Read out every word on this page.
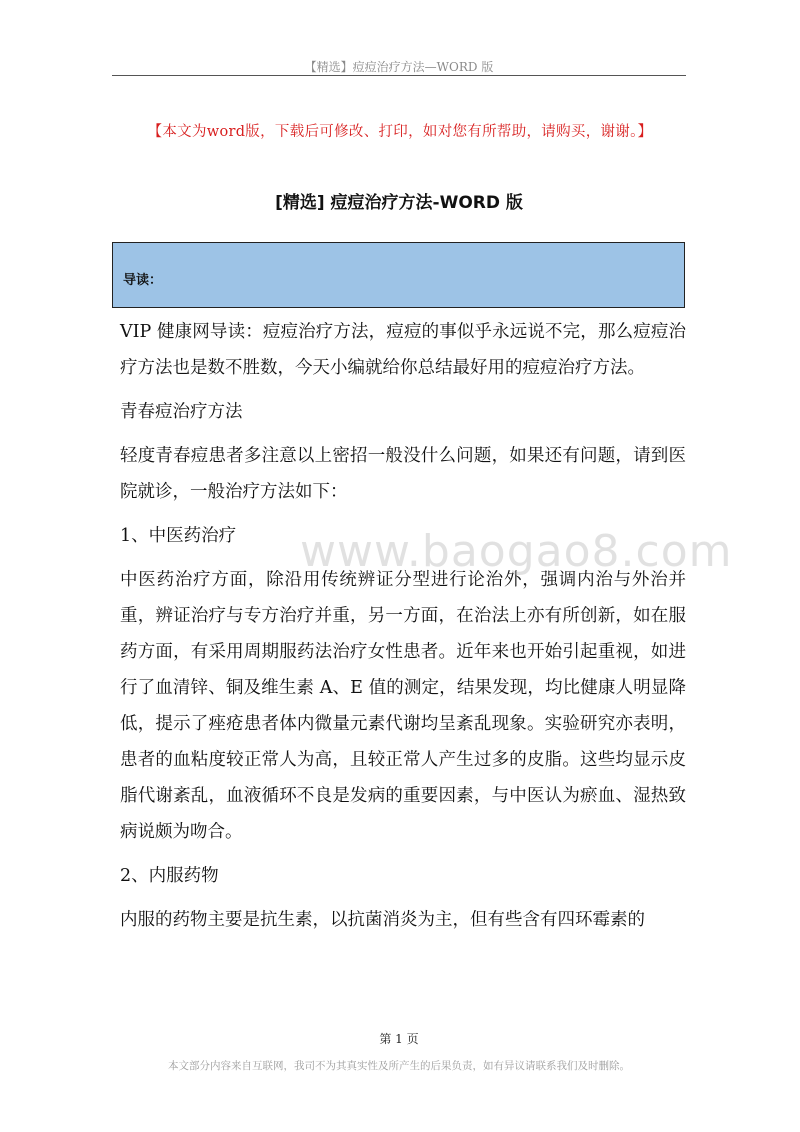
【精选】痘痘治疗方法—WORD 版
【本文为word版，下载后可修改、打印，如对您有所帮助，请购买，谢谢。】
[精选] 痘痘治疗方法-WORD 版
导读：

VIP 健康网导读：痘痘治疗方法，痘痘的事似乎永远说不完，那么痘痘治疗方法也是数不胜数，今天小编就给你总结最好用的痘痘治疗方法。

青春痘治疗方法

轻度青春痘患者多注意以上密招一般没什么问题，如果还有问题，请到医院就诊，一般治疗方法如下：

1、中医药治疗

中医药治疗方面，除沿用传统辨证分型进行论治外，强调内治与外治并重，辨证治疗与专方治疗并重，另一方面，在治法上亦有所创新，如在服药方面，有采用周期服药法治疗女性患者。近年来也开始引起重视，如进行了血清锌、铜及维生素 A、E 值的测定，结果发现，均比健康人明显降低，提示了痤疮患者体内微量元素代谢均呈紊乱现象。实验研究亦表明，患者的血粘度较正常人为高，且较正常人产生过多的皮脂。这些均显示皮脂代谢紊乱，血液循环不良是发病的重要因素，与中医认为瘀血、湿热致病说颇为吻合。

2、内服药物

内服的药物主要是抗生素，以抗菌消炎为主，但有些含有四环霉素的

www.baogao8.com
第 1 页
本文部分内容来自互联网，我司不为其真实性及所产生的后果负责，如有异议请联系我们及时删除。
